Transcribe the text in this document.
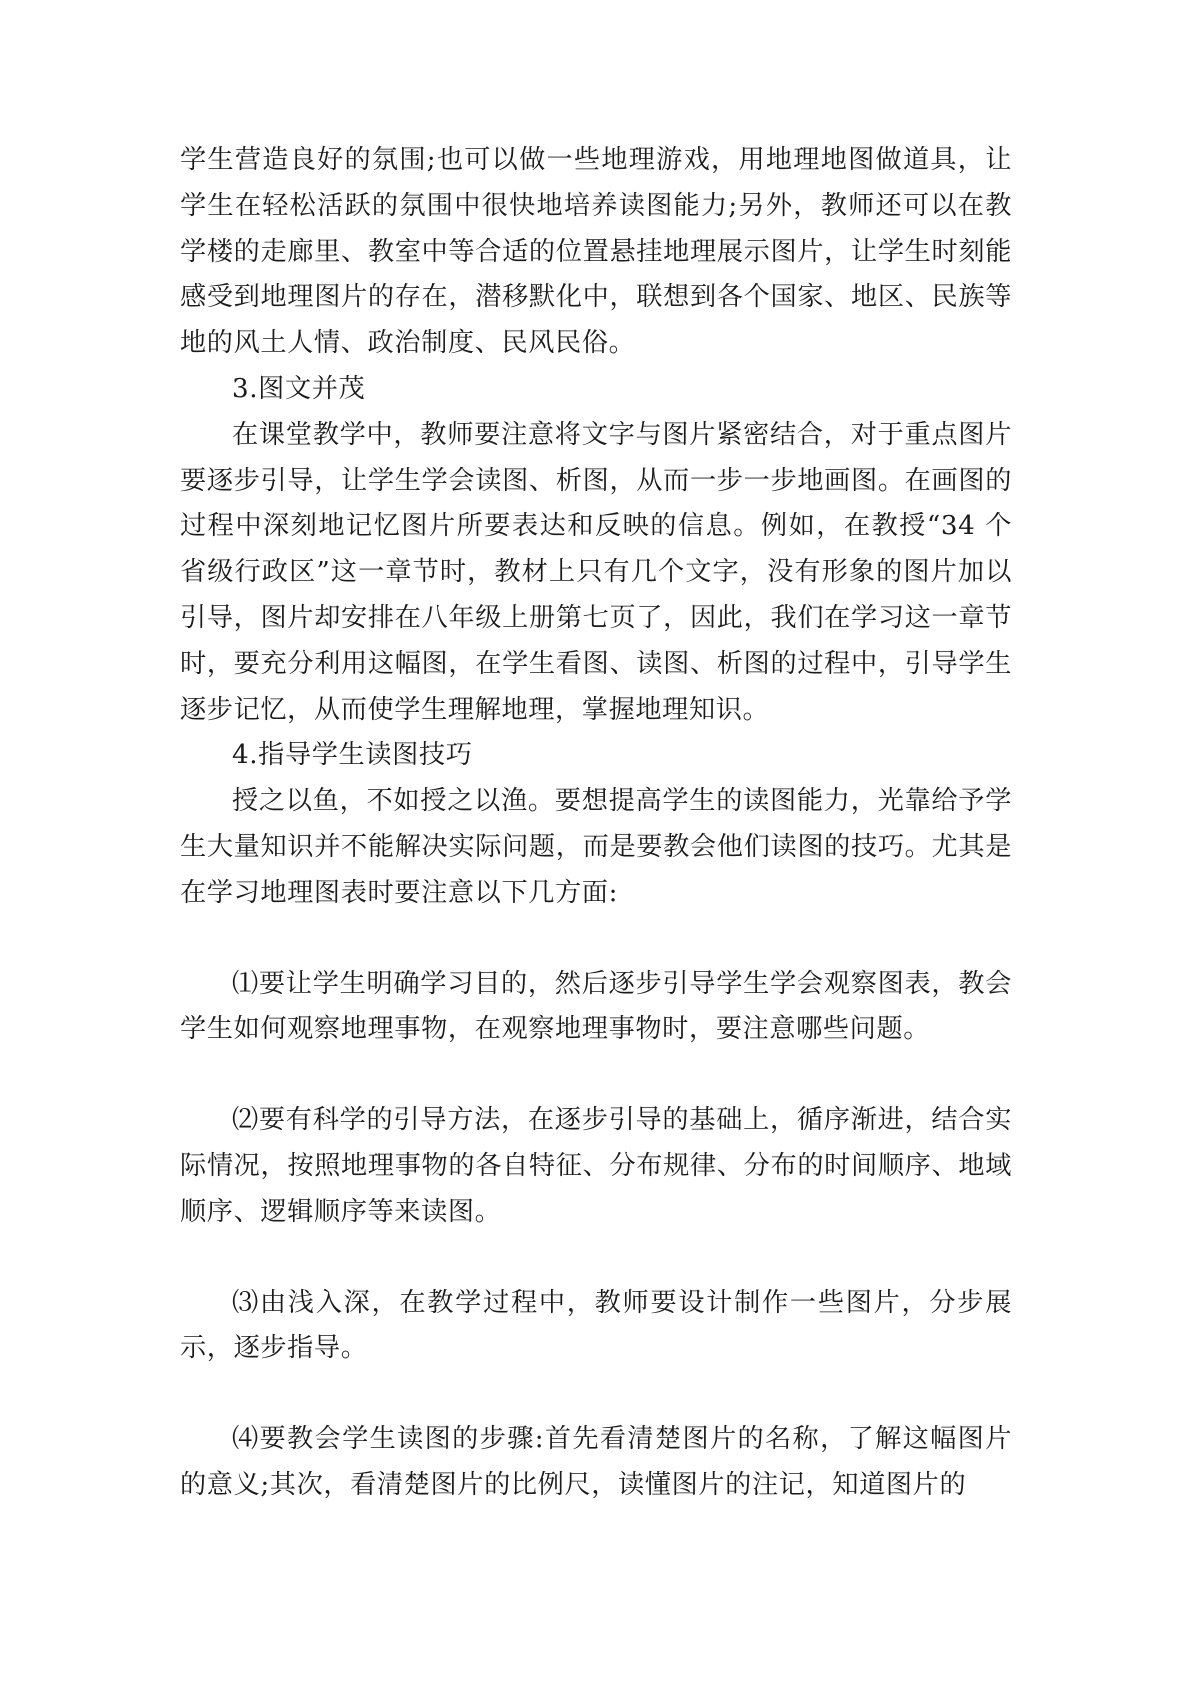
学生营造良好的氛围;也可以做一些地理游戏，用地理地图做道具，让学生在轻松活跃的氛围中很快地培养读图能力;另外，教师还可以在教学楼的走廊里、教室中等合适的位置悬挂地理展示图片，让学生时刻能感受到地理图片的存在，潜移默化中，联想到各个国家、地区、民族等地的风土人情、政治制度、民风民俗。

3.图文并茂

在课堂教学中，教师要注意将文字与图片紧密结合，对于重点图片要逐步引导，让学生学会读图、析图，从而一步一步地画图。在画图的过程中深刻地记忆图片所要表达和反映的信息。例如，在教授“34 个省级行政区”这一章节时，教材上只有几个文字，没有形象的图片加以引导，图片却安排在八年级上册第七页了，因此，我们在学习这一章节时，要充分利用这幅图，在学生看图、读图、析图的过程中，引导学生逐步记忆，从而使学生理解地理，掌握地理知识。

4.指导学生读图技巧

授之以鱼，不如授之以渔。要想提高学生的读图能力，光靠给予学生大量知识并不能解决实际问题，而是要教会他们读图的技巧。尤其是在学习地理图表时要注意以下几方面:

⑴要让学生明确学习目的，然后逐步引导学生学会观察图表，教会学生如何观察地理事物，在观察地理事物时，要注意哪些问题。

⑵要有科学的引导方法，在逐步引导的基础上，循序渐进，结合实际情况，按照地理事物的各自特征、分布规律、分布的时间顺序、地域顺序、逻辑顺序等来读图。

⑶由浅入深，在教学过程中，教师要设计制作一些图片，分步展示，逐步指导。

⑷要教会学生读图的步骤:首先看清楚图片的名称，了解这幅图片的意义;其次，看清楚图片的比例尺，读懂图片的注记，知道图片的
